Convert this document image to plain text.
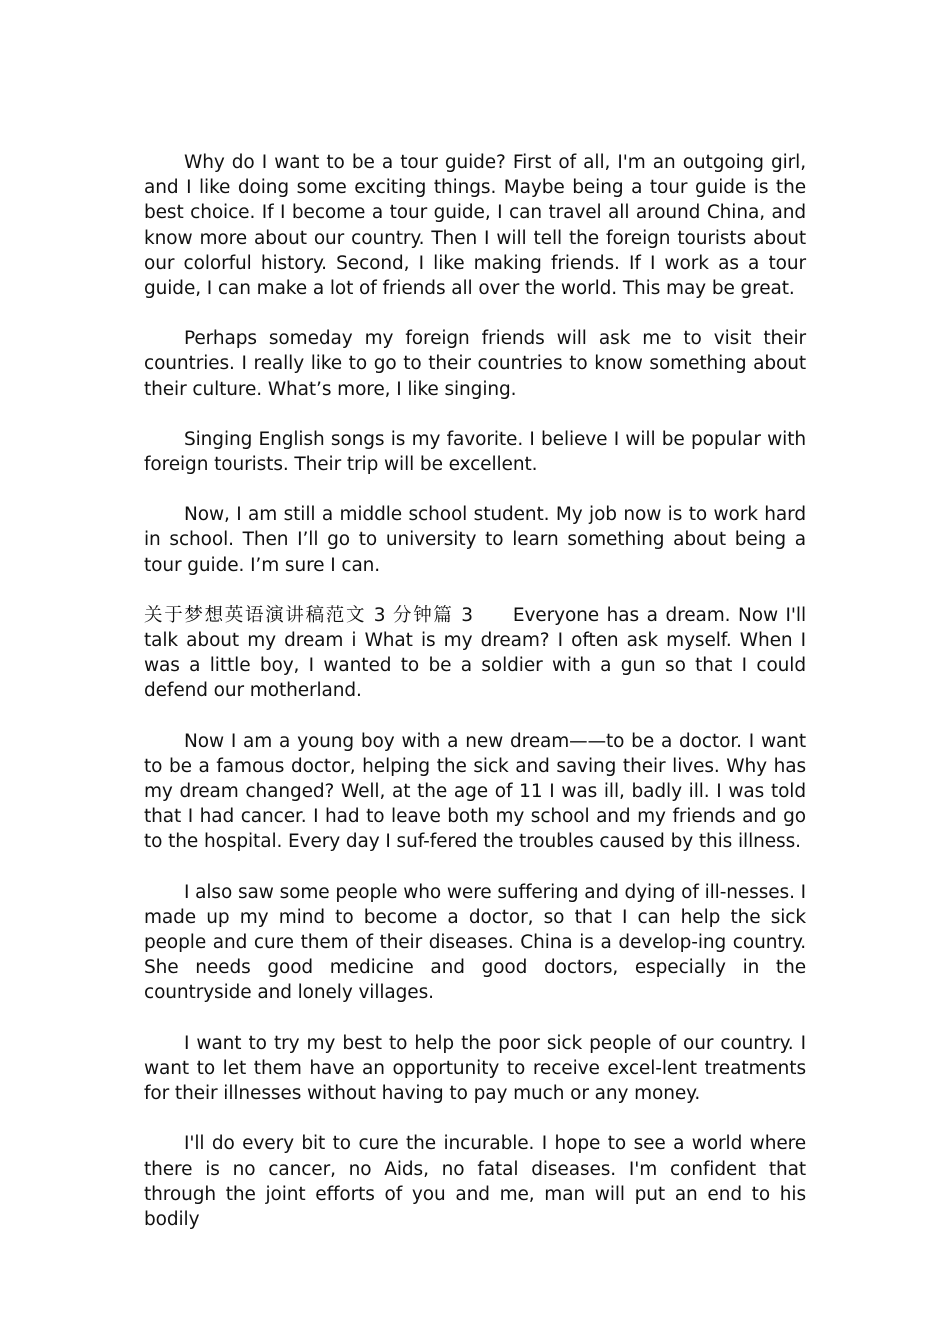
Why do I want to be a tour guide? First of all, I'm an outgoing girl, and I like doing some exciting things. Maybe being a tour guide is the best choice. If I become a tour guide, I can travel all around China, and know more about our country. Then I will tell the foreign tourists about our colorful history. Second, I like making friends. If I work as a tour guide, I can make a lot of friends all over the world. This may be great.

Perhaps someday my foreign friends will ask me to visit their countries. I really like to go to their countries to know something about their culture. What’s more, I like singing.

Singing English songs is my favorite. I believe I will be popular with foreign tourists. Their trip will be excellent.

Now, I am still a middle school student. My job now is to work hard in school. Then I’ll go to university to learn something about being a tour guide. I’m sure I can.

关于梦想英语演讲稿范文 3 分钟篇 3 Everyone has a dream. Now I'll talk about my dream i What is my dream? I often ask myself. When I was a little boy, I wanted to be a soldier with a gun so that I could defend our motherland.

Now I am a young boy with a new dream——to be a doctor. I want to be a famous doctor, helping the sick and saving their lives. Why has my dream changed? Well, at the age of 11 I was ill, badly ill. I was told that I had cancer. I had to leave both my school and my friends and go to the hospital. Every day I suf-fered the troubles caused by this illness.

I also saw some people who were suffering and dying of ill-nesses. I made up my mind to become a doctor, so that I can help the sick people and cure them of their diseases. China is a develop-ing country. She needs good medicine and good doctors, especially in the countryside and lonely villages.

I want to try my best to help the poor sick people of our country. I want to let them have an opportunity to receive excel-lent treatments for their illnesses without having to pay much or any money.

I'll do every bit to cure the incurable. I hope to see a world where there is no cancer, no Aids, no fatal diseases. I'm confident that through the joint efforts of you and me, man will put an end to his bodily
